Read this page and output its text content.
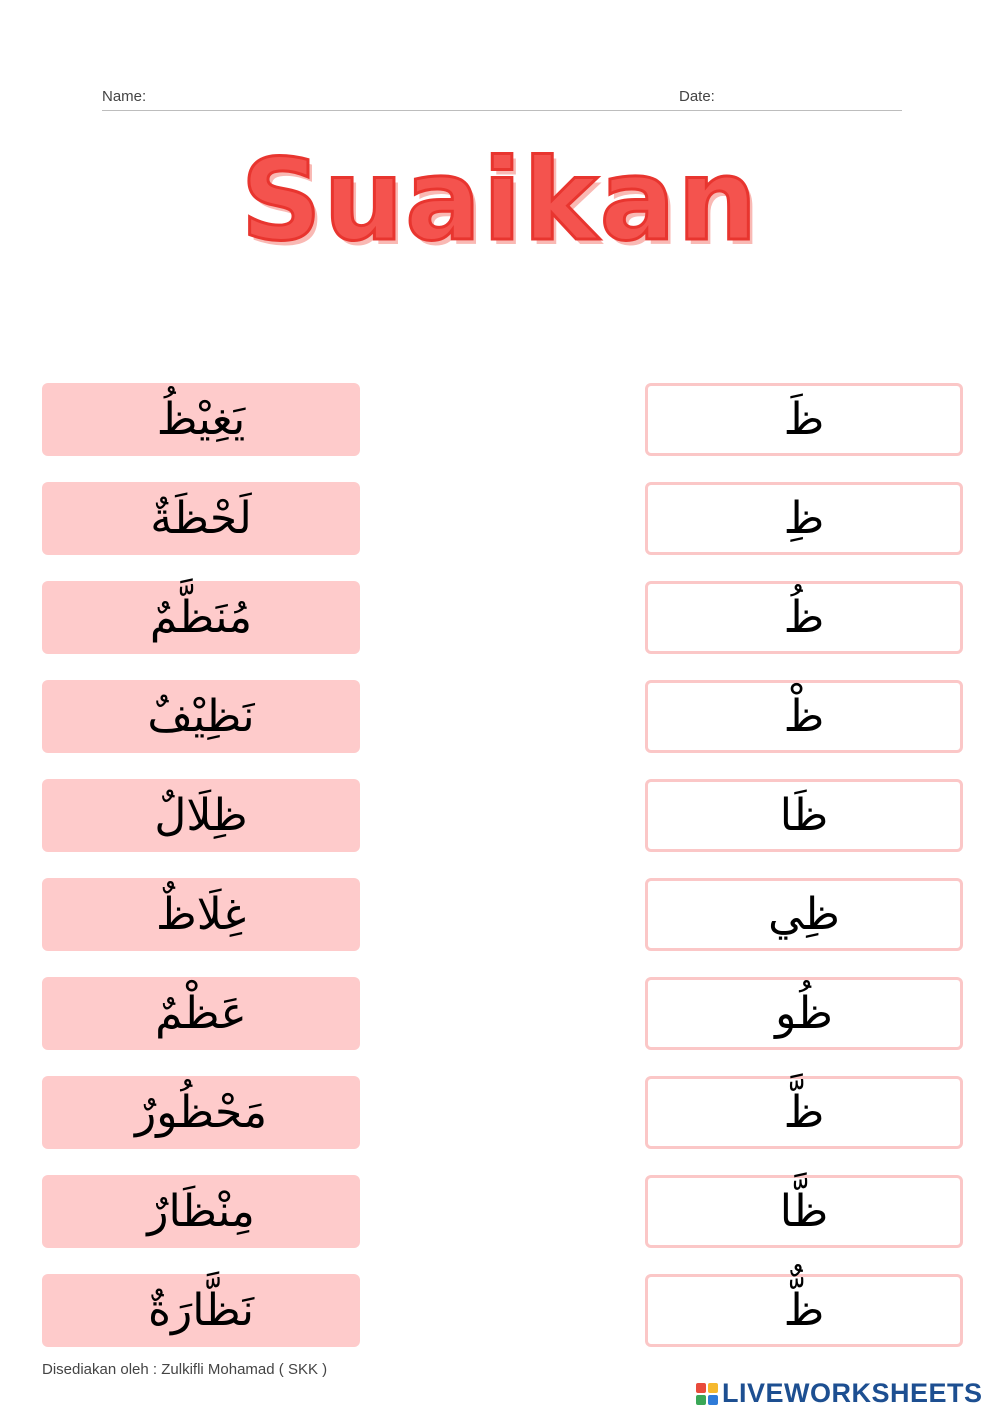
Name:	Date:
Suaikan
يَغِيْظُ
لَحْظَةٌ
مُنَظَّمٌ
نَظِيْفٌ
ظِلَالٌ
غِلَاظٌ
عَظْمٌ
مَحْظُورٌ
مِنْظَارٌ
نَظَّارَةٌ
ظَ
ظِ
ظُ
ظْ
ظَا
ظِي
ظُو
ظَّ
ظَّا
ظٌّ
Disediakan oleh : Zulkifli Mohamad ( SKK )
LIVEWORKSHEETS
